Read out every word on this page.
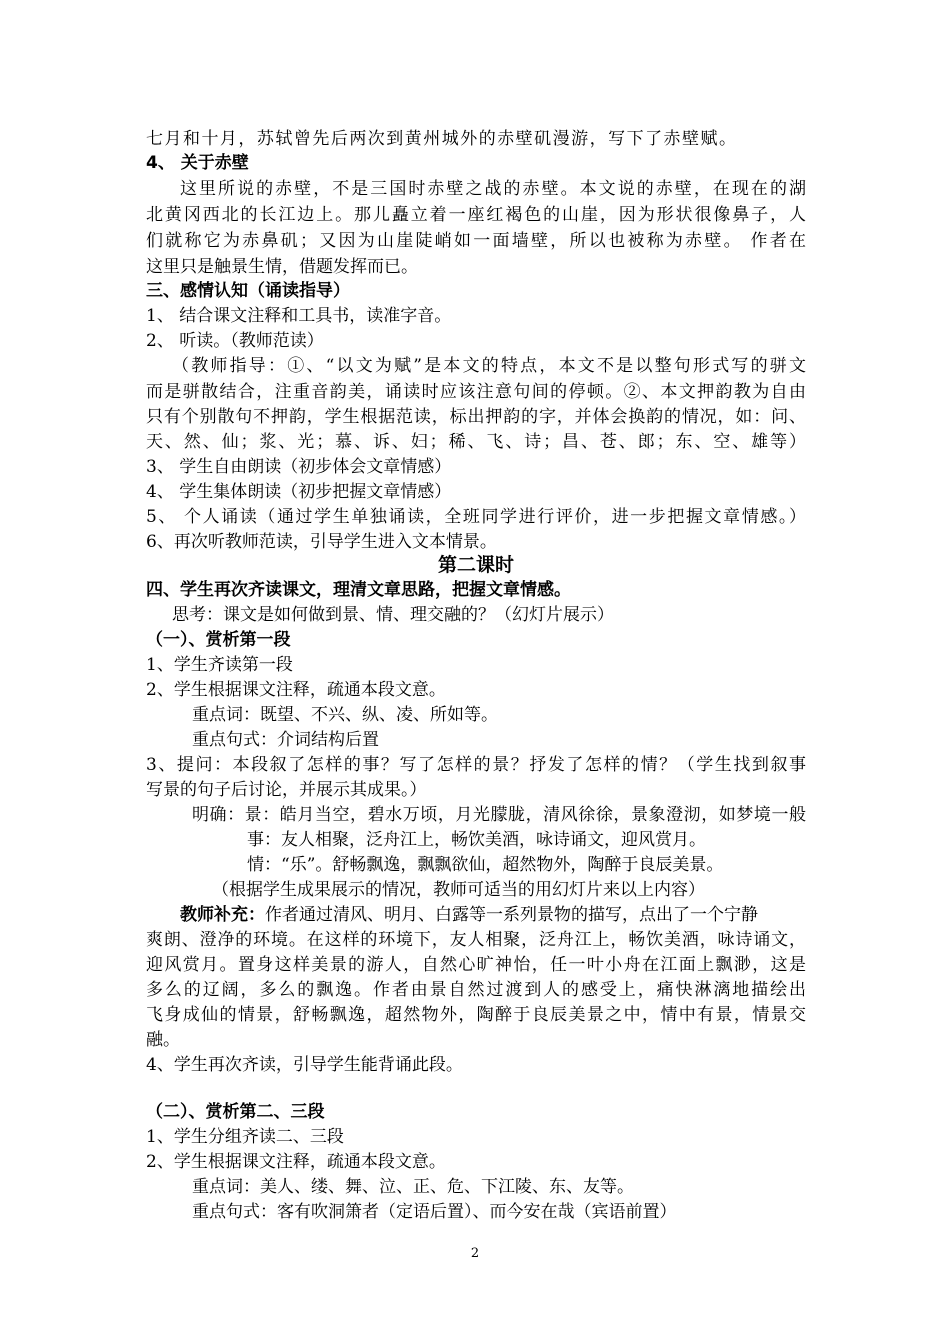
七月和十月，苏轼曾先后两次到黄州城外的赤壁矶漫游，写下了赤壁赋。
4、 关于赤壁
这里所说的赤壁，不是三国时赤壁之战的赤壁。本文说的赤壁，在现在的湖
北黄冈西北的长江边上。那儿矗立着一座红褐色的山崖，因为形状很像鼻子，人
们就称它为赤鼻矶；又因为山崖陡峭如一面墙壁，所以也被称为赤壁。 作者在
这里只是触景生情，借题发挥而已。
三、感情认知（诵读指导）
1、 结合课文注释和工具书，读准字音。
2、 听读。（教师范读）
（教师指导：①、“以文为赋”是本文的特点，本文不是以整句形式写的骈文
而是骈散结合，注重音韵美，诵读时应该注意句间的停顿。②、本文押韵教为自由
只有个别散句不押韵，学生根据范读，标出押韵的字，并体会换韵的情况，如：问、
天、然、仙；浆、光；慕、诉、妇；稀、飞、诗；昌、苍、郎；东、空、雄等）
3、 学生自由朗读（初步体会文章情感）
4、 学生集体朗读（初步把握文章情感）
5、 个人诵读（通过学生单独诵读，全班同学进行评价，进一步把握文章情感。）
6、再次听教师范读，引导学生进入文本情景。
第二课时
四、学生再次齐读课文，理清文章思路，把握文章情感。
思考：课文是如何做到景、情、理交融的？（幻灯片展示）
（一）、赏析第一段
1、学生齐读第一段
2、学生根据课文注释，疏通本段文意。
重点词：既望、不兴、纵、凌、所如等。
重点句式：介词结构后置
3、提问：本段叙了怎样的事？写了怎样的景？抒发了怎样的情？（学生找到叙事
写景的句子后讨论，并展示其成果。）
明确：景：皓月当空，碧水万顷，月光朦胧，清风徐徐，景象澄沏，如梦境一般
事：友人相聚，泛舟江上，畅饮美酒，咏诗诵文，迎风赏月。
情：“乐”。舒畅飘逸，飘飘欲仙，超然物外，陶醉于良辰美景。
（根据学生成果展示的情况，教师可适当的用幻灯片来以上内容）
教师补充：作者通过清风、明月、白露等一系列景物的描写，点出了一个宁静
爽朗、澄净的环境。在这样的环境下，友人相聚，泛舟江上，畅饮美酒，咏诗诵文，
迎风赏月。置身这样美景的游人，自然心旷神怡，任一叶小舟在江面上飘渺，这是
多么的辽阔，多么的飘逸。作者由景自然过渡到人的感受上，痛快淋漓地描绘出
飞身成仙的情景，舒畅飘逸，超然物外，陶醉于良辰美景之中，情中有景，情景交
融。
4、学生再次齐读，引导学生能背诵此段。
（二）、赏析第二、三段
1、学生分组齐读二、三段
2、学生根据课文注释，疏通本段文意。
重点词：美人、缕、舞、泣、正、危、下江陵、东、友等。
重点句式：客有吹洞箫者（定语后置）、而今安在哉（宾语前置）
2
